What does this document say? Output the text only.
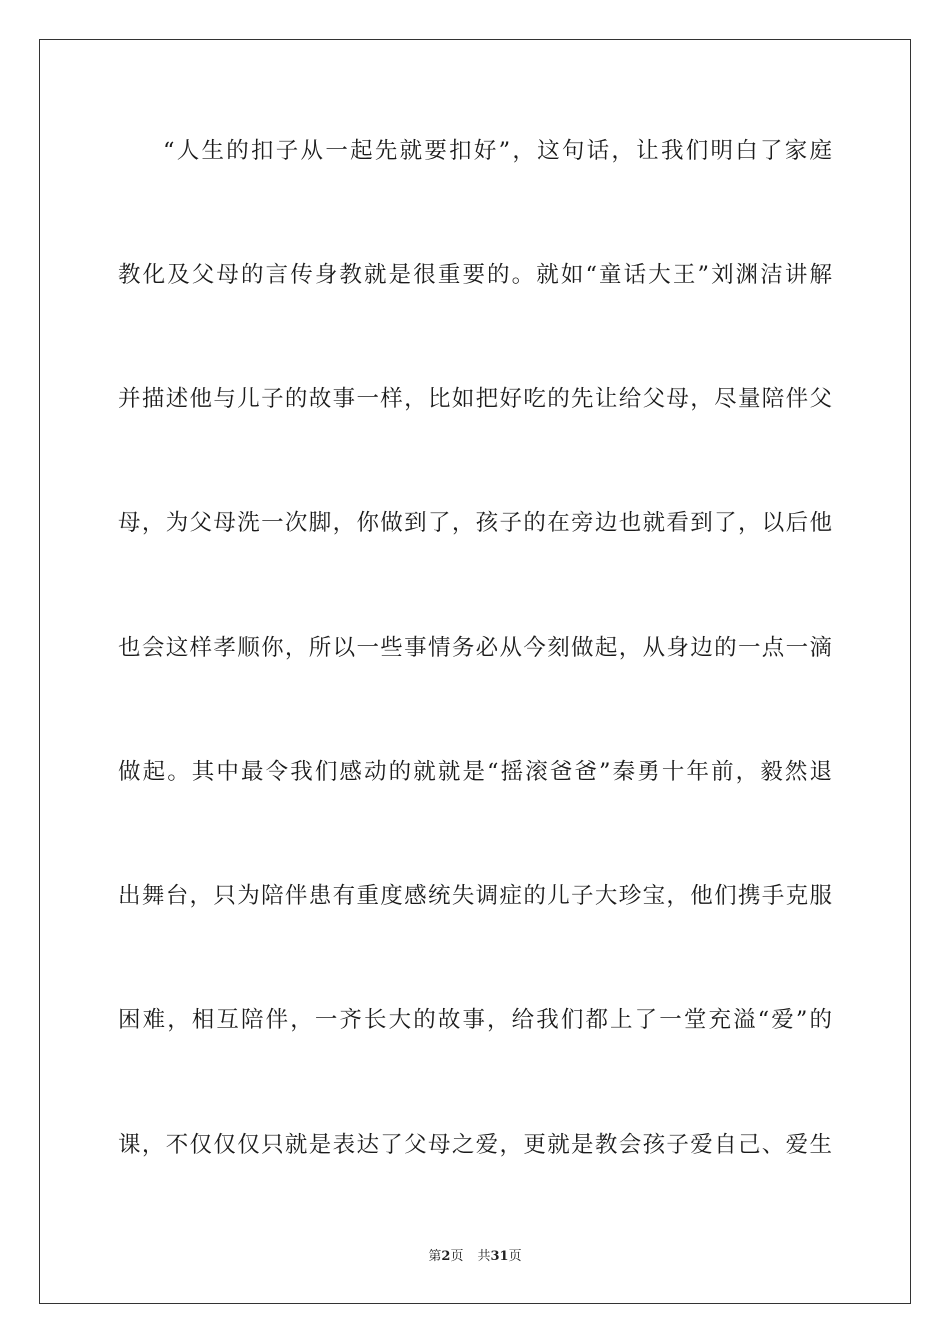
“人生的扣子从一起先就要扣好”，这句话，让我们明白了家庭
教化及父母的言传身教就是很重要的。就如“童话大王”刘渊洁讲解
并描述他与儿子的故事一样，比如把好吃的先让给父母，尽量陪伴父
母，为父母洗一次脚，你做到了，孩子的在旁边也就看到了，以后他
也会这样孝顺你，所以一些事情务必从今刻做起，从身边的一点一滴
做起。其中最令我们感动的就就是“摇滚爸爸”秦勇十年前，毅然退
出舞台，只为陪伴患有重度感统失调症的儿子大珍宝，他们携手克服
困难，相互陪伴，一齐长大的故事，给我们都上了一堂充溢“爱”的
课，不仅仅仅只就是表达了父母之爱，更就是教会孩子爱自己、爱生
第2页 共31页
